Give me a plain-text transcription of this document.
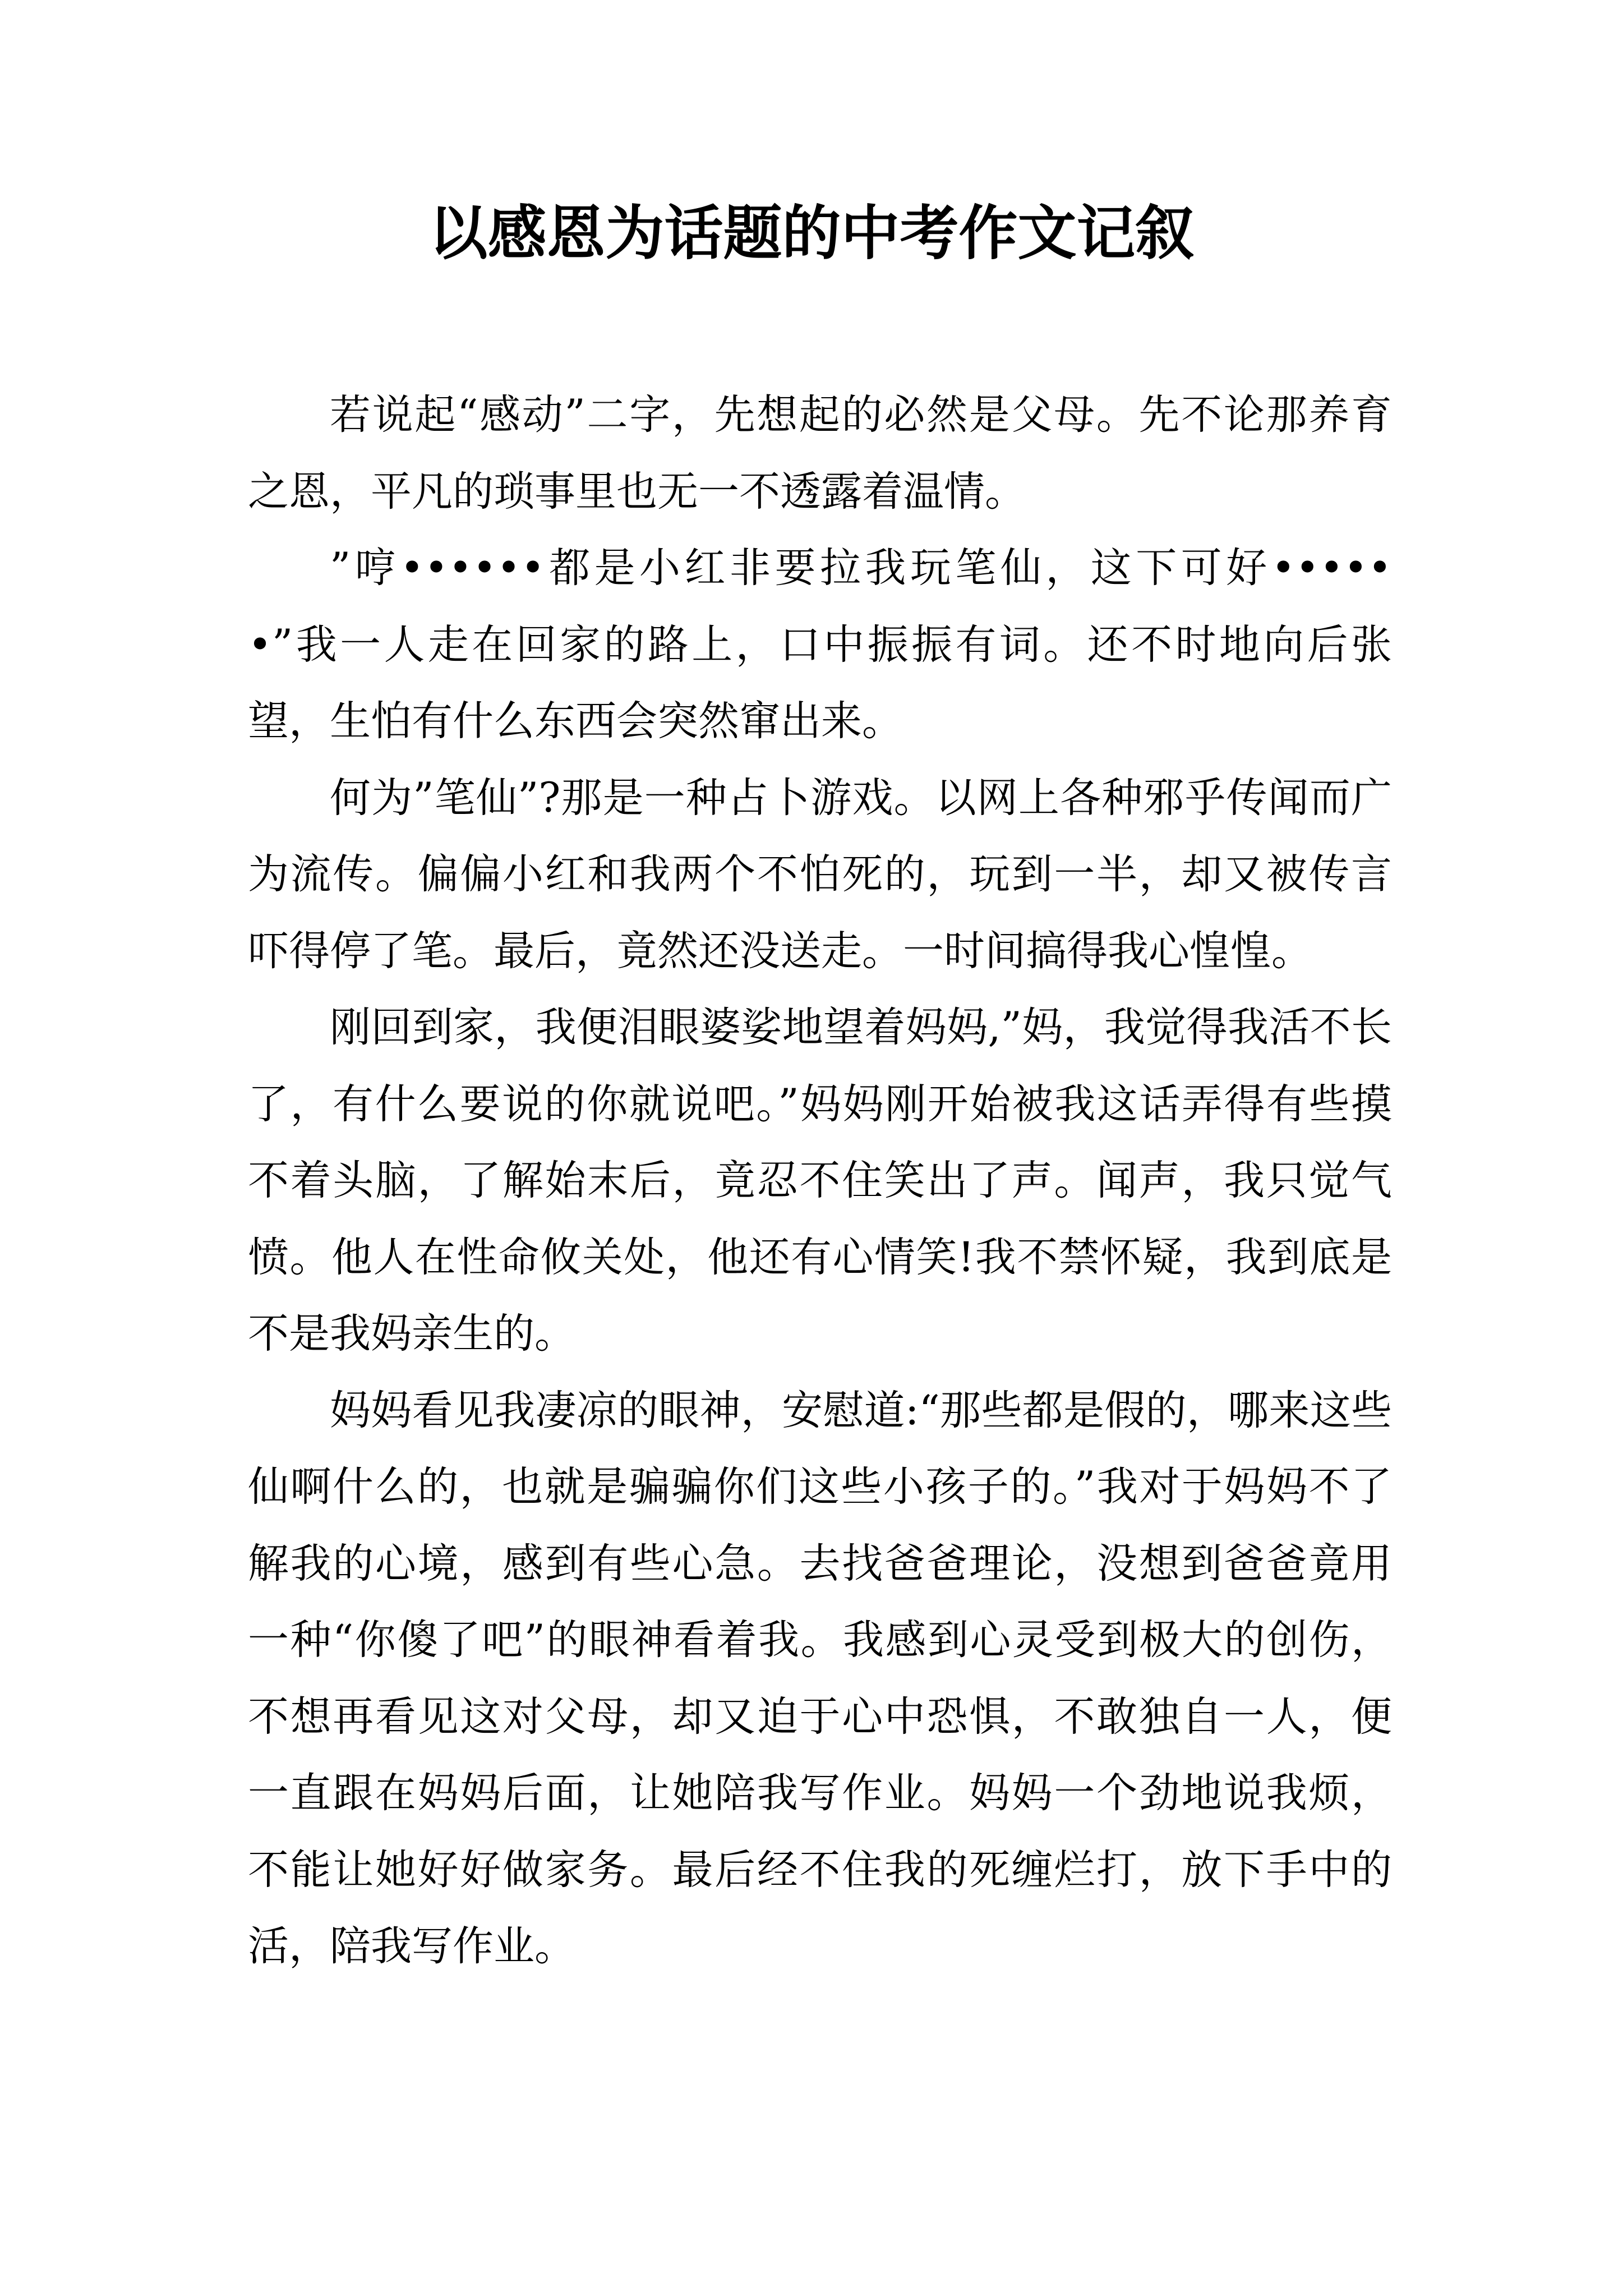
以感恩为话题的中考作文记叙

若说起“感动”二字，先想起的必然是父母。先不论那养育之恩，平凡的琐事里也无一不透露着温情。

”哼••••••都是小红非要拉我玩笔仙，这下可好••••••”我一人走在回家的路上，口中振振有词。还不时地向后张望，生怕有什么东西会突然窜出来。

何为”笔仙”?那是一种占卜游戏。以网上各种邪乎传闻而广为流传。偏偏小红和我两个不怕死的，玩到一半，却又被传言吓得停了笔。最后，竟然还没送走。一时间搞得我心惶惶。

刚回到家，我便泪眼婆娑地望着妈妈,”妈，我觉得我活不长了，有什么要说的你就说吧。”妈妈刚开始被我这话弄得有些摸不着头脑，了解始末后，竟忍不住笑出了声。闻声，我只觉气愤。他人在性命攸关处，他还有心情笑!我不禁怀疑，我到底是不是我妈亲生的。

妈妈看见我凄凉的眼神，安慰道:“那些都是假的，哪来这些仙啊什么的，也就是骗骗你们这些小孩子的。”我对于妈妈不了解我的心境，感到有些心急。去找爸爸理论，没想到爸爸竟用一种“你傻了吧”的眼神看着我。我感到心灵受到极大的创伤，不想再看见这对父母，却又迫于心中恐惧，不敢独自一人，便一直跟在妈妈后面，让她陪我写作业。妈妈一个劲地说我烦，不能让她好好做家务。最后经不住我的死缠烂打，放下手中的活，陪我写作业。
